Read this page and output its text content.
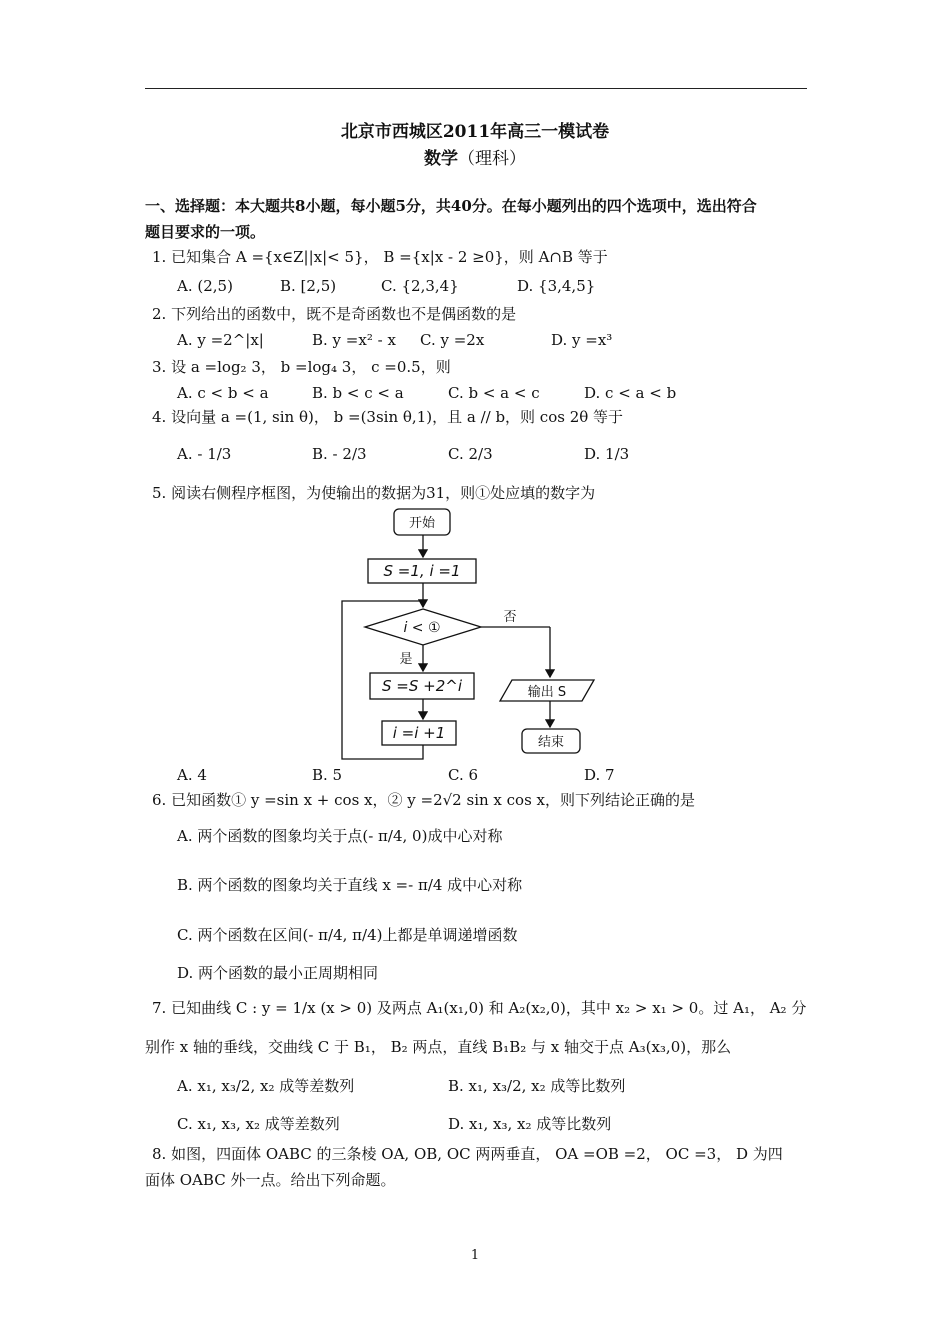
北京市西城区2011年高三一模试卷
数学（理科）
一、选择题：本大题共8小题，每小题5分，共40分。在每小题列出的四个选项中，选出符合
题目要求的一项。
1. 已知集合 A ={x∈Z||x|< 5}， B ={x|x - 2 ≥0}，则 A∩B 等于
A. (2,5)	B. [2,5)	C. {2,3,4}	D. {3,4,5}
2. 下列给出的函数中，既不是奇函数也不是偶函数的是
A. y =2^|x|	B. y =x² - x C. y =2x	D. y =x³
3. 设 a =log₂ 3， b =log₄ 3， c =0.5，则
A. c < b < a	B. b < c < a	C. b < a < c	D. c < a < b
4. 设向量 a =(1, sin θ)， b =(3sin θ,1)，且 a // b，则 cos 2θ 等于
A. - 1/3	B. - 2/3	C. 2/3	D. 1/3
5. 阅读右侧程序框图，为使输出的数据为31，则①处应填的数字为
开始
S =1, i =1
i < ①
否
是
S =S +2^i
i =i +1
输出 S
结束
A. 4	B. 5	C. 6	D. 7
6. 已知函数① y =sin x + cos x，② y =2√2 sin x cos x，则下列结论正确的是
A. 两个函数的图象均关于点(- π/4, 0)成中心对称
B. 两个函数的图象均关于直线 x =- π/4 成中心对称
C. 两个函数在区间(- π/4, π/4)上都是单调递增函数
D. 两个函数的最小正周期相同
7. 已知曲线 C : y = 1/x (x > 0) 及两点 A₁(x₁,0) 和 A₂(x₂,0)，其中 x₂ > x₁ > 0。过 A₁， A₂ 分
别作 x 轴的垂线，交曲线 C 于 B₁， B₂ 两点，直线 B₁B₂ 与 x 轴交于点 A₃(x₃,0)，那么
A. x₁, x₃/2, x₂ 成等差数列	B. x₁, x₃/2, x₂ 成等比数列
C. x₁, x₃, x₂ 成等差数列	D. x₁, x₃, x₂ 成等比数列
8. 如图，四面体 OABC 的三条棱 OA, OB, OC 两两垂直， OA =OB =2， OC =3， D 为四
面体 OABC 外一点。给出下列命题。
1
